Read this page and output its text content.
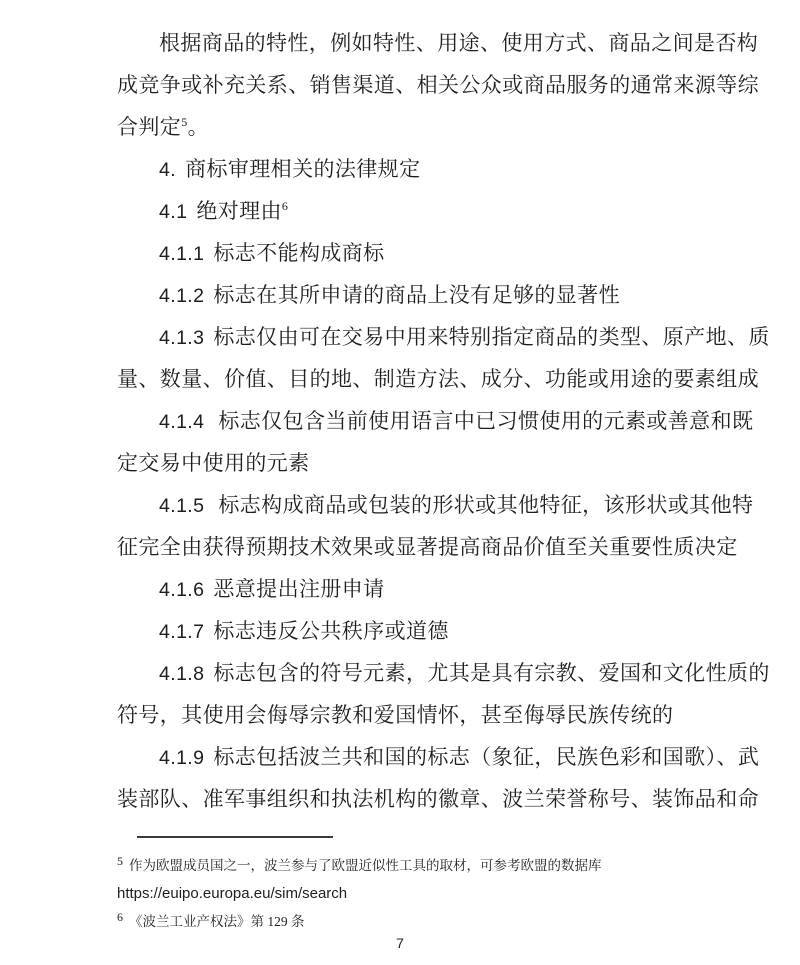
根据商品的特性，例如特性、用途、使用方式、商品之间是否构
成竞争或补充关系、销售渠道、相关公众或商品服务的通常来源等综
合判定$^5$。
4. 商标审理相关的法律规定
4.1 绝对理由$^6$
4.1.1 标志不能构成商标
4.1.2 标志在其所申请的商品上没有足够的显著性
4.1.3 标志仅由可在交易中用来特别指定商品的类型、原产地、质
量、数量、价值、目的地、制造方法、成分、功能或用途的要素组成
4.1.4 标志仅包含当前使用语言中已习惯使用的元素或善意和既
定交易中使用的元素
4.1.5 标志构成商品或包装的形状或其他特征，该形状或其他特
征完全由获得预期技术效果或显著提高商品价值至关重要性质决定
4.1.6 恶意提出注册申请
4.1.7 标志违反公共秩序或道德
4.1.8 标志包含的符号元素，尤其是具有宗教、爱国和文化性质的
符号，其使用会侮辱宗教和爱国情怀，甚至侮辱民族传统的
4.1.9 标志包括波兰共和国的标志（象征，民族色彩和国歌）、武
装部队、准军事组织和执法机构的徽章、波兰荣誉称号、装饰品和命
$^5$ 作为欧盟成员国之一，波兰参与了欧盟近似性工具的取材，可参考欧盟的数据库
https://euipo.europa.eu/sim/search
$^6$ 《波兰工业产权法》第 129 条
7
